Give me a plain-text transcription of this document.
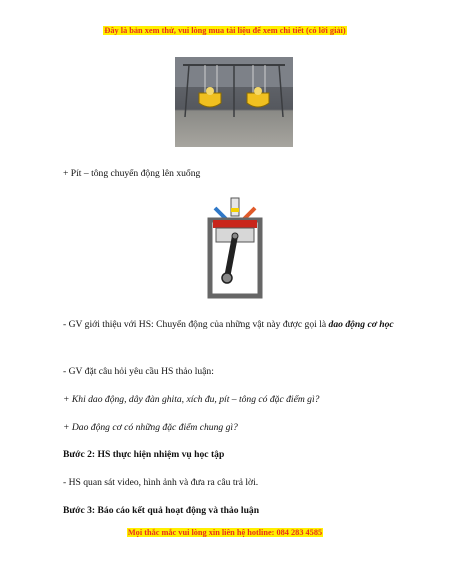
Đây là bản xem thử, vui lòng mua tài liệu để xem chi tiết (có lời giải)
+ Pít – tông chuyển động lên xuống
- GV giới thiệu với HS: Chuyển động của những vật này được gọi là dao động cơ học
- GV đặt câu hỏi yêu cầu HS thảo luận:
+ Khi dao động, dây đàn ghita, xích đu, pít – tông có đặc điểm gì?
+ Dao động cơ có những đặc điểm chung gì?
Bước 2: HS thực hiện nhiệm vụ học tập
- HS quan sát video, hình ảnh và đưa ra câu trả lời.
Bước 3: Báo cáo kết quả hoạt động và thảo luận
Mọi thắc mắc vui lòng xin liên hệ hotline: 084 283 4585
